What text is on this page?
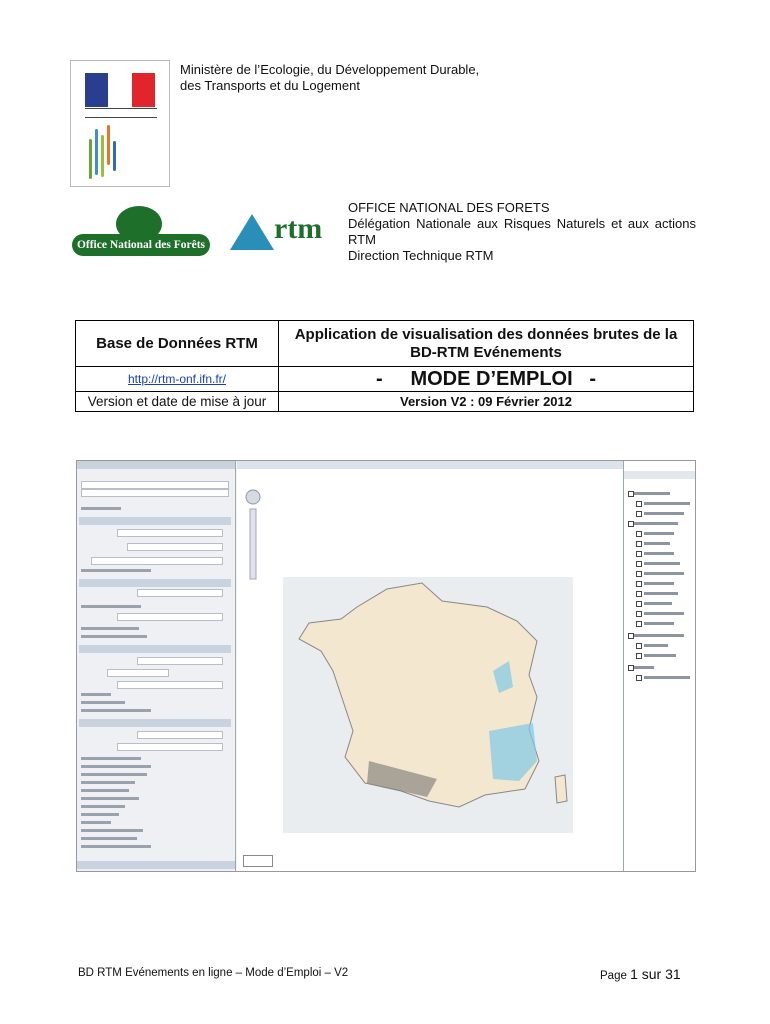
Ministère de l’Ecologie, du Développement Durable,
des Transports et du Logement
Office National des Forêts rtm
OFFICE NATIONAL DES FORETS
Délégation Nationale aux Risques Naturels et aux actions RTM
Direction Technique RTM
Base de Données RTM	Application de visualisation des données brutes de la BD-RTM Evénements
http://rtm-onf.ifn.fr/	-     MODE D’EMPLOI   -
Version et date de mise à jour	Version V2 : 09 Février 2012
BD RTM Evénements en ligne – Mode d’Emploi – V2	Page 1 sur 31
